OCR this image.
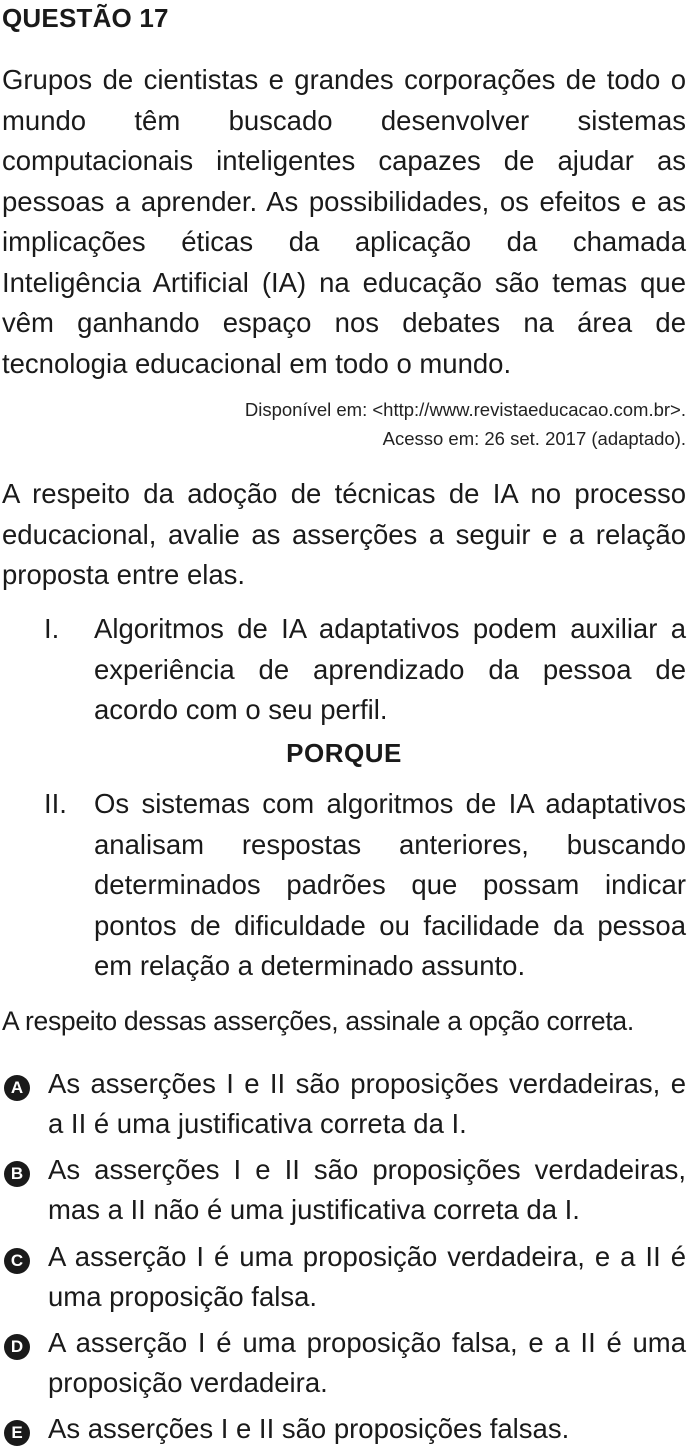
QUESTÃO 17
Grupos de cientistas e grandes corporações de todo o mundo têm buscado desenvolver sistemas computacionais inteligentes capazes de ajudar as pessoas a aprender. As possibilidades, os efeitos e as implicações éticas da aplicação da chamada Inteligência Artificial (IA) na educação são temas que vêm ganhando espaço nos debates na área de tecnologia educacional em todo o mundo.
Disponível em: <http://www.revistaeducacao.com.br>.
Acesso em: 26 set. 2017 (adaptado).
A respeito da adoção de técnicas de IA no processo educacional, avalie as asserções a seguir e a relação proposta entre elas.
I. Algoritmos de IA adaptativos podem auxiliar a experiência de aprendizado da pessoa de acordo com o seu perfil.
PORQUE
II. Os sistemas com algoritmos de IA adaptativos analisam respostas anteriores, buscando determinados padrões que possam indicar pontos de dificuldade ou facilidade da pessoa em relação a determinado assunto.
A respeito dessas asserções, assinale a opção correta.
A As asserções I e II são proposições verdadeiras, e a II é uma justificativa correta da I.
B As asserções I e II são proposições verdadeiras, mas a II não é uma justificativa correta da I.
C A asserção I é uma proposição verdadeira, e a II é uma proposição falsa.
D A asserção I é uma proposição falsa, e a II é uma proposição verdadeira.
E As asserções I e II são proposições falsas.
